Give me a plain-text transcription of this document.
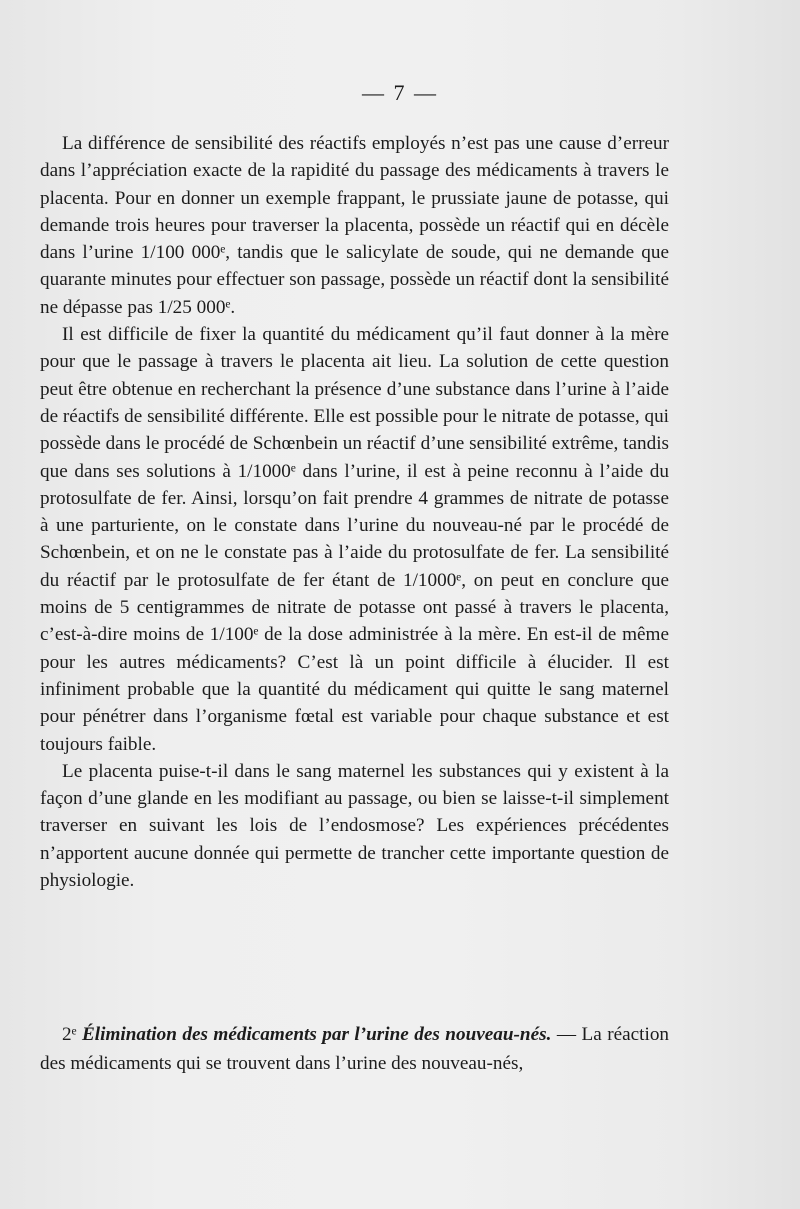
— 7 —

La différence de sensibilité des réactifs employés n’est pas une cause d’erreur dans l’appréciation exacte de la rapidité du passage des médicaments à travers le placenta. Pour en donner un exemple frappant, le prussiate jaune de potasse, qui demande trois heures pour traverser la placenta, possède un réactif qui en décèle dans l’urine 1/100 000ᵉ, tandis que le salicylate de soude, qui ne demande que quarante minutes pour effectuer son passage, possède un réactif dont la sensibilité ne dépasse pas 1/25 000ᵉ.

Il est difficile de fixer la quantité du médicament qu’il faut donner à la mère pour que le passage à travers le placenta ait lieu. La solution de cette question peut être obtenue en recherchant la présence d’une substance dans l’urine à l’aide de réactifs de sensibilité différente. Elle est possible pour le nitrate de potasse, qui possède dans le procédé de Schœnbein un réactif d’une sensibilité extrême, tandis que dans ses solutions à 1/1000ᵉ dans l’urine, il est à peine reconnu à l’aide du protosulfate de fer. Ainsi, lorsqu’on fait prendre 4 grammes de nitrate de potasse à une parturiente, on le constate dans l’urine du nouveau-né par le procédé de Schœnbein, et on ne le constate pas à l’aide du protosulfate de fer. La sensibilité du réactif par le protosulfate de fer étant de 1/1000ᵉ, on peut en conclure que moins de 5 centigrammes de nitrate de potasse ont passé à travers le placenta, c’est-à-dire moins de 1/100ᵉ de la dose administrée à la mère. En est-il de même pour les autres médicaments? C’est là un point difficile à élucider. Il est infiniment probable que la quantité du médicament qui quitte le sang maternel pour pénétrer dans l’organisme fœtal est variable pour chaque substance et est toujours faible.

Le placenta puise-t-il dans le sang maternel les substances qui y existent à la façon d’une glande en les modifiant au passage, ou bien se laisse-t-il simplement traverser en suivant les lois de l’endosmose? Les expériences précédentes n’apportent aucune donnée qui permette de trancher cette importante question de physiologie.

2ᵉ Élimination des médicaments par l’urine des nouveau-nés. — La réaction des médicaments qui se trouvent dans l’urine des nouveau-nés,
